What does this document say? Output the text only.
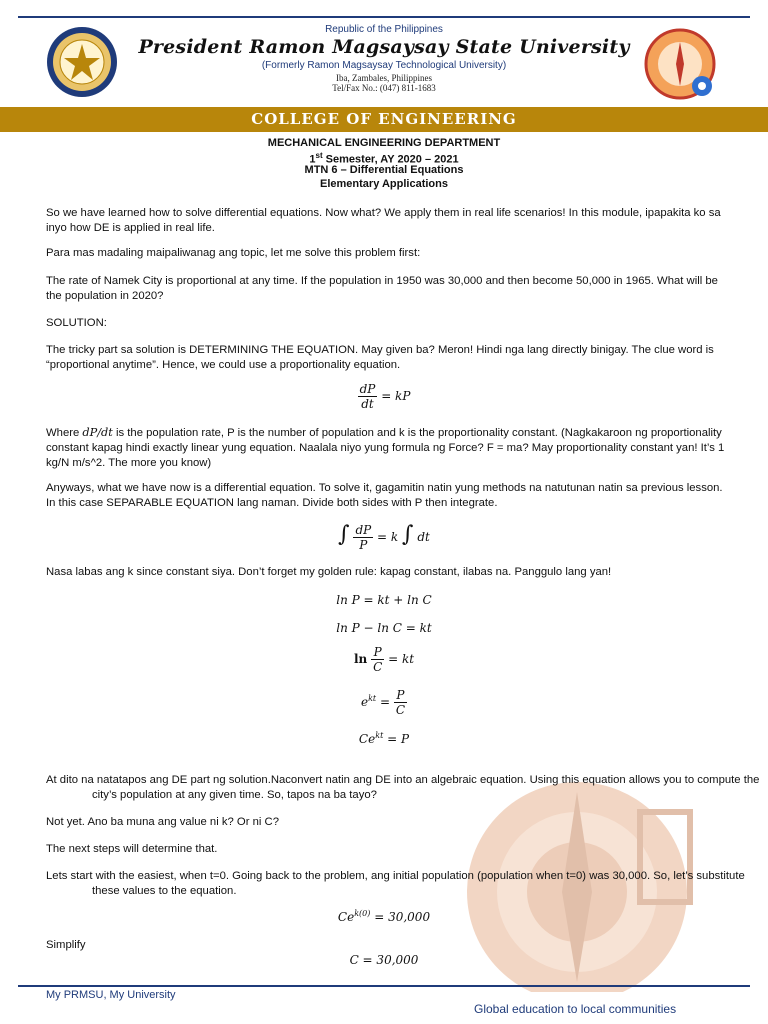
Republic of the Philippines
President Ramon Magsaysay State University
(Formerly Ramon Magsaysay Technological University)
Iba, Zambales, Philippines
Tel/Fax No.: (047) 811-1683
COLLEGE OF ENGINEERING
MECHANICAL ENGINEERING DEPARTMENT
1st Semester, AY 2020 – 2021
MTN 6 – Differential Equations
Elementary Applications

So we have learned how to solve differential equations. Now what? We apply them in real life scenarios! In this module, ipapakita ko sa inyo how DE is applied in real life.

Para mas madaling maipaliwanag ang topic, let me solve this problem first:

The rate of Namek City is proportional at any time. If the population in 1950 was 30,000 and then become 50,000 in 1965. What will be the population in 2020?

SOLUTION:

The tricky part sa solution is DETERMINING THE EQUATION. May given ba? Meron! Hindi nga lang directly binigay. The clue word is “proportional anytime”. Hence, we could use a proportionality equation.

$\frac{dP}{dt}$ = kP

Where dP/dt is the population rate, P is the number of population and k is the proportionality constant. (Nagkakaroon ng proportionality constant kapag hindi exactly linear yung equation. Naalala niyo yung formula ng Force? F = ma? May proportionality constant yan! It’s 1 kg/N m/s^2. The more you know)

Anyways, what we have now is a differential equation. To solve it, gagamitin natin yung methods na natutunan natin sa previous lesson. In this case SEPARABLE EQUATION lang naman. Divide both sides with P then integrate.

∫ $\frac{dP}{P} = k$ ∫ dt

Nasa labas ang k since constant siya. Don’t forget my golden rule: kapag constant, ilabas na. Panggulo lang yan!

ln P = kt + ln C
ln P − ln C = kt
$\ln \frac{P}{C}$ = kt
$e^{kt} = \frac{P}{C}$
$Ce^{kt} = P$

At dito na natatapos ang DE part ng solution.Naconvert natin ang DE into an algebraic equation. Using this equation allows you to compute the city’s population at any given time. So, tapos na ba tayo?

Not yet. Ano ba muna ang value ni k? Or ni C?

The next steps will determine that.

Lets start with the easiest, when t=0. Going back to the problem, ang initial population (population when t=0) was 30,000. So, let’s substitute these values to the equation.

$Ce^{k(0)} = 30,000$

Simplify

C = 30,000
My PRMSU, My University
Global education to local communities
